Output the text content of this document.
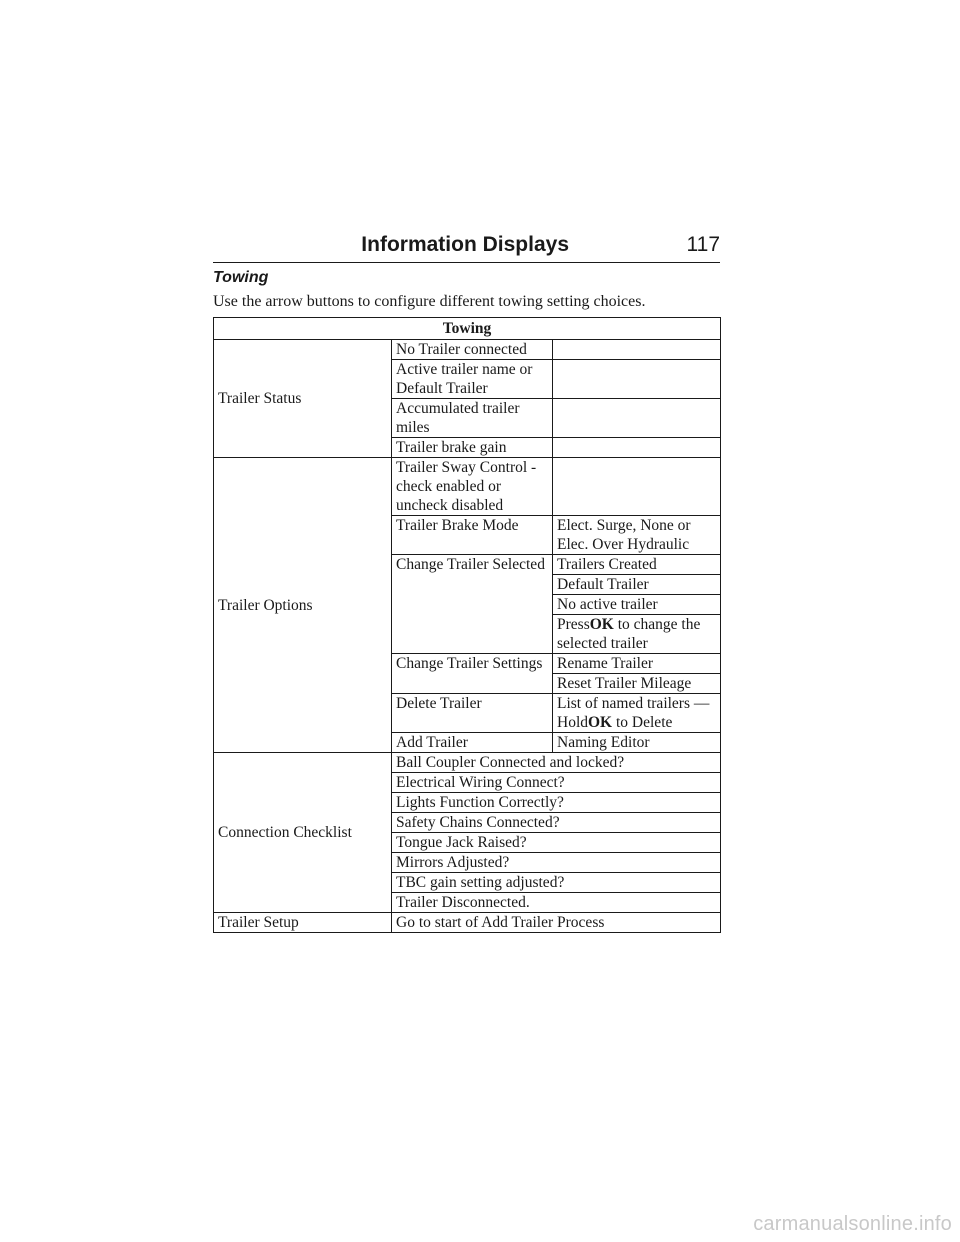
Information Displays	117
Towing
Use the arrow buttons to configure different towing setting choices.
Towing		
Trailer Status	No Trailer connected	
	Active trailer name or Default Trailer	
	Accumulated trailer miles	
	Trailer brake gain	
Trailer Options	Trailer Sway Control - check enabled or uncheck disabled	
	Trailer Brake Mode	Elect. Surge, None or Elec. Over Hydraulic
	Change Trailer Selected	Trailers Created
		Default Trailer
		No active trailer
		PressOK to change the selected trailer
	Change Trailer Settings	Rename Trailer
		Reset Trailer Mileage
	Delete Trailer	List of named trailers — HoldOK to Delete
	Add Trailer	Naming Editor
Connection Checklist	Ball Coupler Connected and locked?	
	Electrical Wiring Connect?	
	Lights Function Correctly?	
	Safety Chains Connected?	
	Tongue Jack Raised?	
	Mirrors Adjusted?	
	TBC gain setting adjusted?	
	Trailer Disconnected.	
Trailer Setup	Go to start of Add Trailer Process	
carmanualsonline.info
